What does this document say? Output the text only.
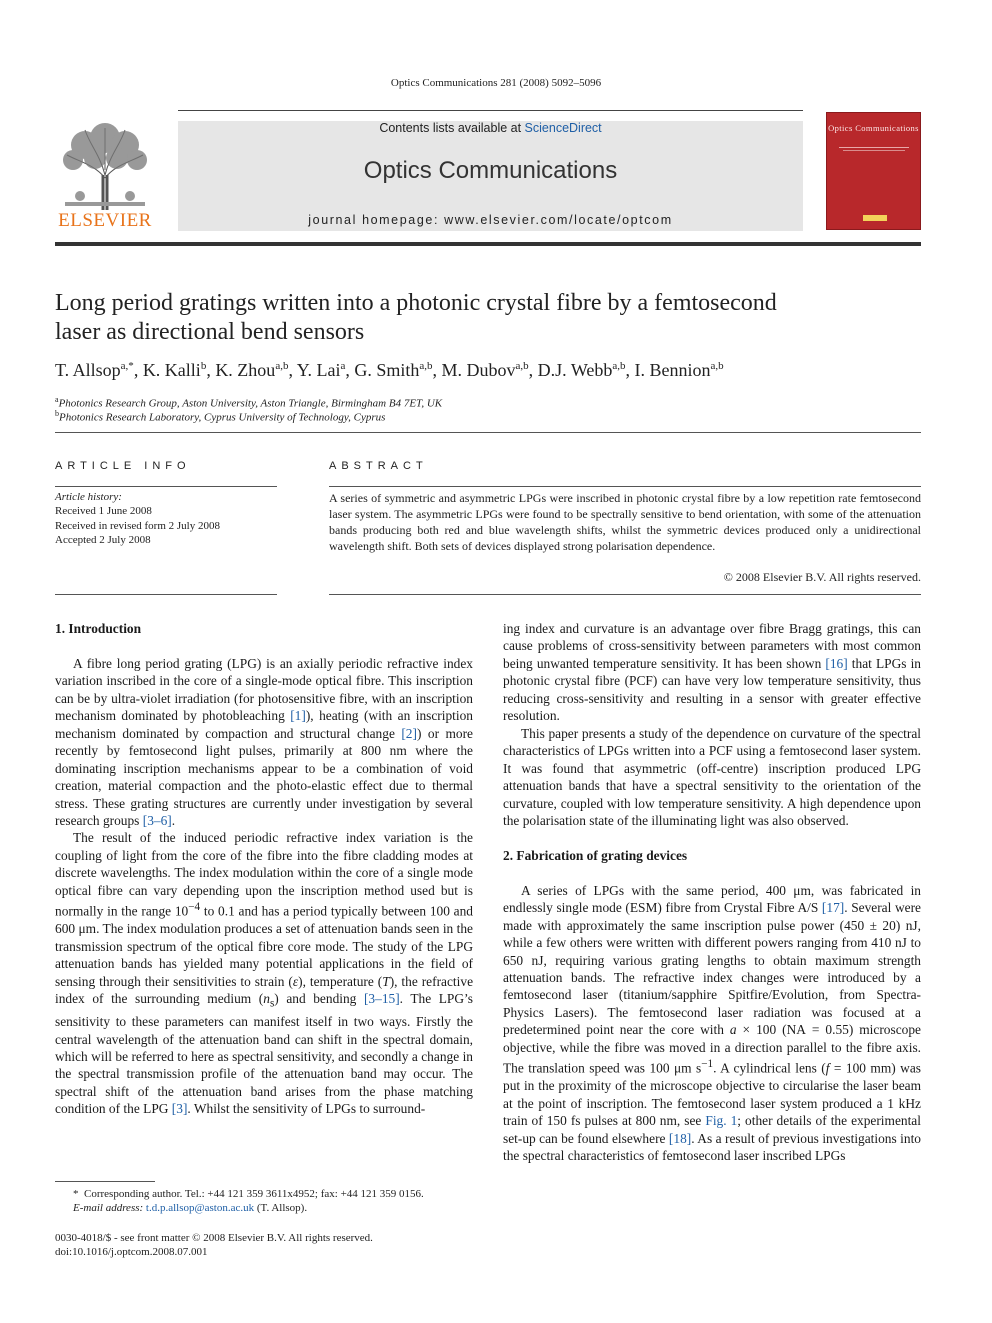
Optics Communications 281 (2008) 5092–5096
ELSEVIER
Contents lists available at ScienceDirect
Optics Communications
journal homepage: www.elsevier.com/locate/optcom
Optics Communications
Long period gratings written into a photonic crystal fibre by a femtosecond
laser as directional bend sensors
T. Allsop$^{a,*}$, K. Kalli$^b$, K. Zhou$^{a,b}$, Y. Lai$^a$, G. Smith$^{a,b}$, M. Dubov$^{a,b}$, D.J. Webb$^{a,b}$, I. Bennion$^{a,b}$
$^a$Photonics Research Group, Aston University, Aston Triangle, Birmingham B4 7ET, UK
$^b$Photonics Research Laboratory, Cyprus University of Technology, Cyprus
ARTICLE INFO	ABSTRACT
Article history:
Received 1 June 2008
Received in revised form 2 July 2008
Accepted 2 July 2008
A series of symmetric and asymmetric LPGs were inscribed in photonic crystal fibre by a low repetition rate femtosecond laser system. The asymmetric LPGs were found to be spectrally sensitive to bend orientation, with some of the attenuation bands producing both red and blue wavelength shifts, whilst the symmetric devices produced only a unidirectional wavelength shift. Both sets of devices displayed strong polarisation dependence.
© 2008 Elsevier B.V. All rights reserved.
1. Introduction

A fibre long period grating (LPG) is an axially periodic refractive index variation inscribed in the core of a single-mode optical fibre. This inscription can be by ultra-violet irradiation (for photosensitive fibre, with an inscription mechanism dominated by photobleaching [1]), heating (with an inscription mechanism dominated by compaction and structural change [2]) or more recently by femtosecond light pulses, primarily at 800 nm where the dominating inscription mechanisms appear to be a combination of void creation, material compaction and the photo-elastic effect due to thermal stress. These grating structures are currently under investigation by several research groups [3–6].

The result of the induced periodic refractive index variation is the coupling of light from the core of the fibre into the fibre cladding modes at discrete wavelengths. The index modulation within the core of a single mode optical fibre can vary depending upon the inscription method used but is normally in the range $10^{-4}$ to 0.1 and has a period typically between 100 and 600 μm. The index modulation produces a set of attenuation bands seen in the transmission spectrum of the optical fibre core mode. The study of the LPG attenuation bands has yielded many potential applications in the field of sensing through their sensitivities to strain (ε), temperature (T), the refractive index of the surrounding medium $(n_s)$ and bending [3–15]. The LPG’s sensitivity to these parameters can manifest itself in two ways. Firstly the central wavelength of the attenuation band can shift in the spectral domain, which will be referred to here as spectral sensitivity, and secondly a change in the spectral transmission profile of the attenuation band may occur. The spectral shift of the attenuation band arises from the phase matching condition of the LPG [3]. Whilst the sensitivity of LPGs to surround-

ing index and curvature is an advantage over fibre Bragg gratings, this can cause problems of cross-sensitivity between parameters with most common being unwanted temperature sensitivity. It has been shown [16] that LPGs in photonic crystal fibre (PCF) can have very low temperature sensitivity, thus reducing cross-sensitivity and resulting in a sensor with greater effective resolution.

This paper presents a study of the dependence on curvature of the spectral characteristics of LPGs written into a PCF using a femtosecond laser system. It was found that asymmetric (off-centre) inscription produced LPG attenuation bands that have a spectral sensitivity to the orientation of the curvature, coupled with low temperature sensitivity. A high dependence upon the polarisation state of the illuminating light was also observed.

2. Fabrication of grating devices

A series of LPGs with the same period, 400 μm, was fabricated in endlessly single mode (ESM) fibre from Crystal Fibre A/S [17]. Several were made with approximately the same inscription pulse power (450 ± 20) nJ, while a few others were written with different powers ranging from 410 nJ to 650 nJ, requiring various grating lengths to obtain maximum strength attenuation bands. The refractive index changes were introduced by a femtosecond laser (titanium/sapphire Spitfire/Evolution, from Spectra-Physics Lasers). The femtosecond laser radiation was focused at a predetermined point near the core with a × 100 (NA = 0.55) microscope objective, while the fibre was moved in a direction parallel to the fibre axis. The translation speed was 100 μm $s^{-1}$. A cylindrical lens (f = 100 mm) was put in the proximity of the microscope objective to circularise the laser beam at the point of inscription. The femtosecond laser system produced a 1 kHz train of 150 fs pulses at 800 nm, see Fig. 1; other details of the experimental set-up can be found elsewhere [18]. As a result of previous investigations into the spectral characteristics of femtosecond laser inscribed LPGs

* Corresponding author. Tel.: +44 121 359 3611x4952; fax: +44 121 359 0156.
E-mail address: t.d.p.allsop@aston.ac.uk (T. Allsop).
0030-4018/$ - see front matter © 2008 Elsevier B.V. All rights reserved.
doi:10.1016/j.optcom.2008.07.001
